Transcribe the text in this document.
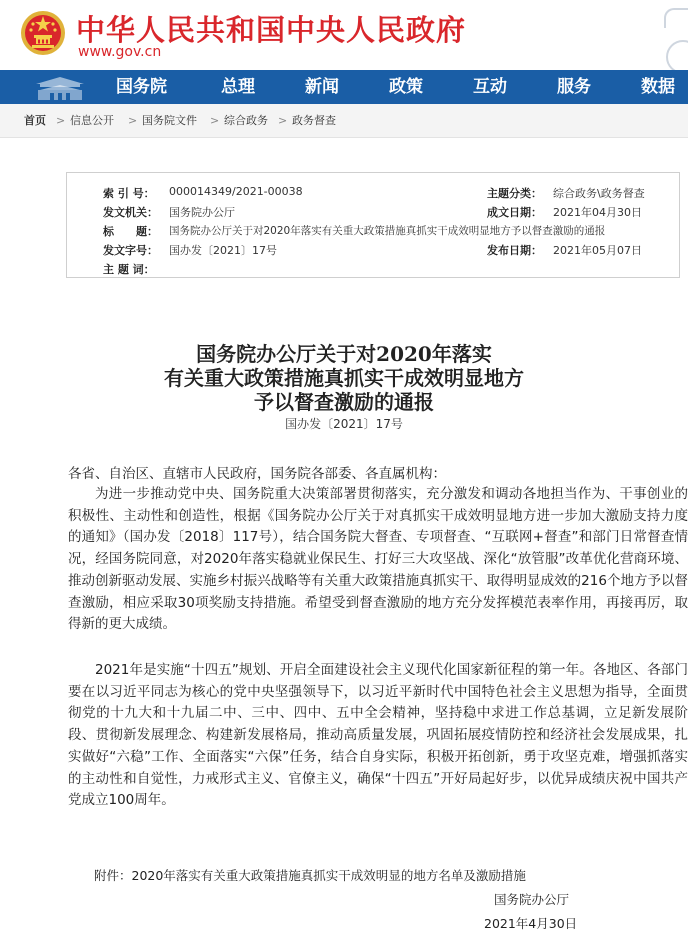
中华人民共和国中央人民政府
www.gov.cn
国务院	总理	新闻	政策	互动	服务	数据
首页 > 信息公开 > 国务院文件 > 综合政务 > 政务督查
索 引 号： 000014349/2021-00038	主题分类： 综合政务\政务督查
发文机关： 国务院办公厅	成文日期： 2021年04月30日
标　　题： 国务院办公厅关于对2020年落实有关重大政策措施真抓实干成效明显地方予以督查激励的通报
发文字号： 国办发〔2021〕17号	发布日期： 2021年05月07日
主 题 词：
国务院办公厅关于对2020年落实
有关重大政策措施真抓实干成效明显地方
予以督查激励的通报
国办发〔2021〕17号
各省、自治区、直辖市人民政府，国务院各部委、各直属机构：
为进一步推动党中央、国务院重大决策部署贯彻落实，充分激发和调动各地担当作为、干事创业的积极性、主动性和创造性，根据《国务院办公厅关于对真抓实干成效明显地方进一步加大激励支持力度的通知》（国办发〔2018〕117号），结合国务院大督查、专项督查、“互联网+督查”和部门日常督查情况，经国务院同意，对2020年落实稳就业保民生、打好三大攻坚战、深化“放管服”改革优化营商环境、推动创新驱动发展、实施乡村振兴战略等有关重大政策措施真抓实干、取得明显成效的216个地方予以督查激励，相应采取30项奖励支持措施。希望受到督查激励的地方充分发挥模范表率作用，再接再厉，取得新的更大成绩。
2021年是实施“十四五”规划、开启全面建设社会主义现代化国家新征程的第一年。各地区、各部门要在以习近平同志为核心的党中央坚强领导下，以习近平新时代中国特色社会主义思想为指导，全面贯彻党的十九大和十九届二中、三中、四中、五中全会精神，坚持稳中求进工作总基调，立足新发展阶段、贯彻新发展理念、构建新发展格局，推动高质量发展，巩固拓展疫情防控和经济社会发展成果，扎实做好“六稳”工作、全面落实“六保”任务，结合自身实际，积极开拓创新，勇于攻坚克难，增强抓落实的主动性和自觉性，力戒形式主义、官僚主义，确保“十四五”开好局起好步，以优异成绩庆祝中国共产党成立100周年。
附件：2020年落实有关重大政策措施真抓实干成效明显的地方名单及激励措施
国务院办公厅
2021年4月30日
